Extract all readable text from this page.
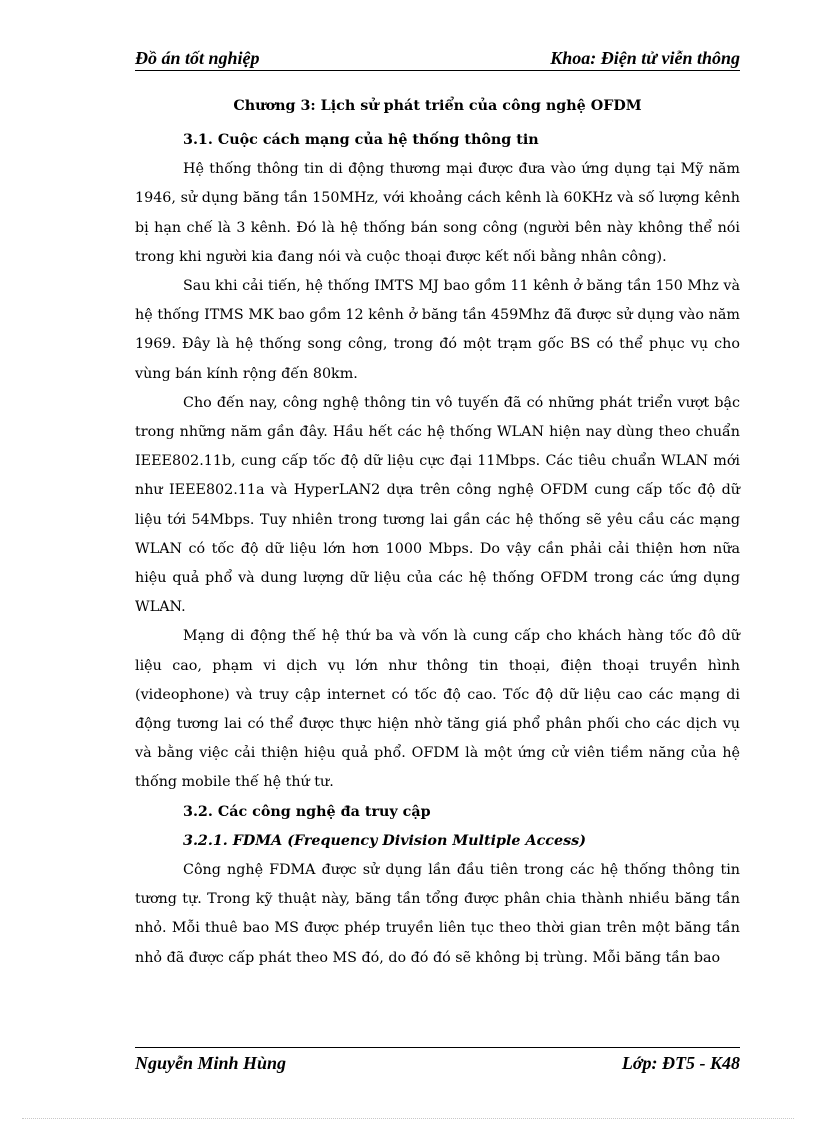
Đồ án tốt nghiệp	Khoa: Điện tử viễn thông
Chương 3: Lịch sử phát triển của công nghệ OFDM
3.1. Cuộc cách mạng của hệ thống thông tin

Hệ thống thông tin di động thương mại được đưa vào ứng dụng tại Mỹ năm 1946, sử dụng băng tần 150MHz, với khoảng cách kênh là 60KHz và số lượng kênh bị hạn chế là 3 kênh. Đó là hệ thống bán song công (người bên này không thể nói trong khi người kia đang nói và cuộc thoại được kết nối bằng nhân công).

Sau khi cải tiến, hệ thống IMTS MJ bao gồm 11 kênh ở băng tần 150 Mhz và hệ thống ITMS MK bao gồm 12 kênh ở băng tần 459Mhz đã được sử dụng vào năm 1969. Đây là hệ thống song công, trong đó một trạm gốc BS có thể phục vụ cho vùng bán kính rộng đến 80km.

Cho đến nay, công nghệ thông tin vô tuyến đã có những phát triển vượt bậc trong những năm gần đây. Hầu hết các hệ thống WLAN hiện nay dùng theo chuẩn IEEE802.11b, cung cấp tốc độ dữ liệu cực đại 11Mbps. Các tiêu chuẩn WLAN mới như IEEE802.11a và HyperLAN2 dựa trên công nghệ OFDM cung cấp tốc độ dữ liệu tới 54Mbps. Tuy nhiên trong tương lai gần các hệ thống sẽ yêu cầu các mạng WLAN có tốc độ dữ liệu lớn hơn 1000 Mbps. Do vậy cần phải cải thiện hơn nữa hiệu quả phổ và dung lượng dữ liệu của các hệ thống OFDM trong các ứng dụng WLAN.

Mạng di động thế hệ thứ ba và vốn là cung cấp cho khách hàng tốc đô dữ liệu cao, phạm vi dịch vụ lớn như thông tin thoại, điện thoại truyền hình (videophone) và truy cập internet có tốc độ cao. Tốc độ dữ liệu cao các mạng di động tương lai có thể được thực hiện nhờ tăng giá phổ phân phối cho các dịch vụ và bằng việc cải thiện hiệu quả phổ. OFDM là một ứng cử viên tiềm năng của hệ thống mobile thế hệ thứ tư.

3.2. Các công nghệ đa truy cập
3.2.1. FDMA (Frequency Division Multiple Access)

Công nghệ FDMA được sử dụng lần đầu tiên trong các hệ thống thông tin tương tự. Trong kỹ thuật này, băng tần tổng được phân chia thành nhiều băng tần nhỏ. Mỗi thuê bao MS được phép truyền liên tục theo thời gian trên một băng tần nhỏ đã được cấp phát theo MS đó, do đó đó sẽ không bị trùng. Mỗi băng tần bao

Nguyễn Minh Hùng	Lớp: ĐT5 - K48
